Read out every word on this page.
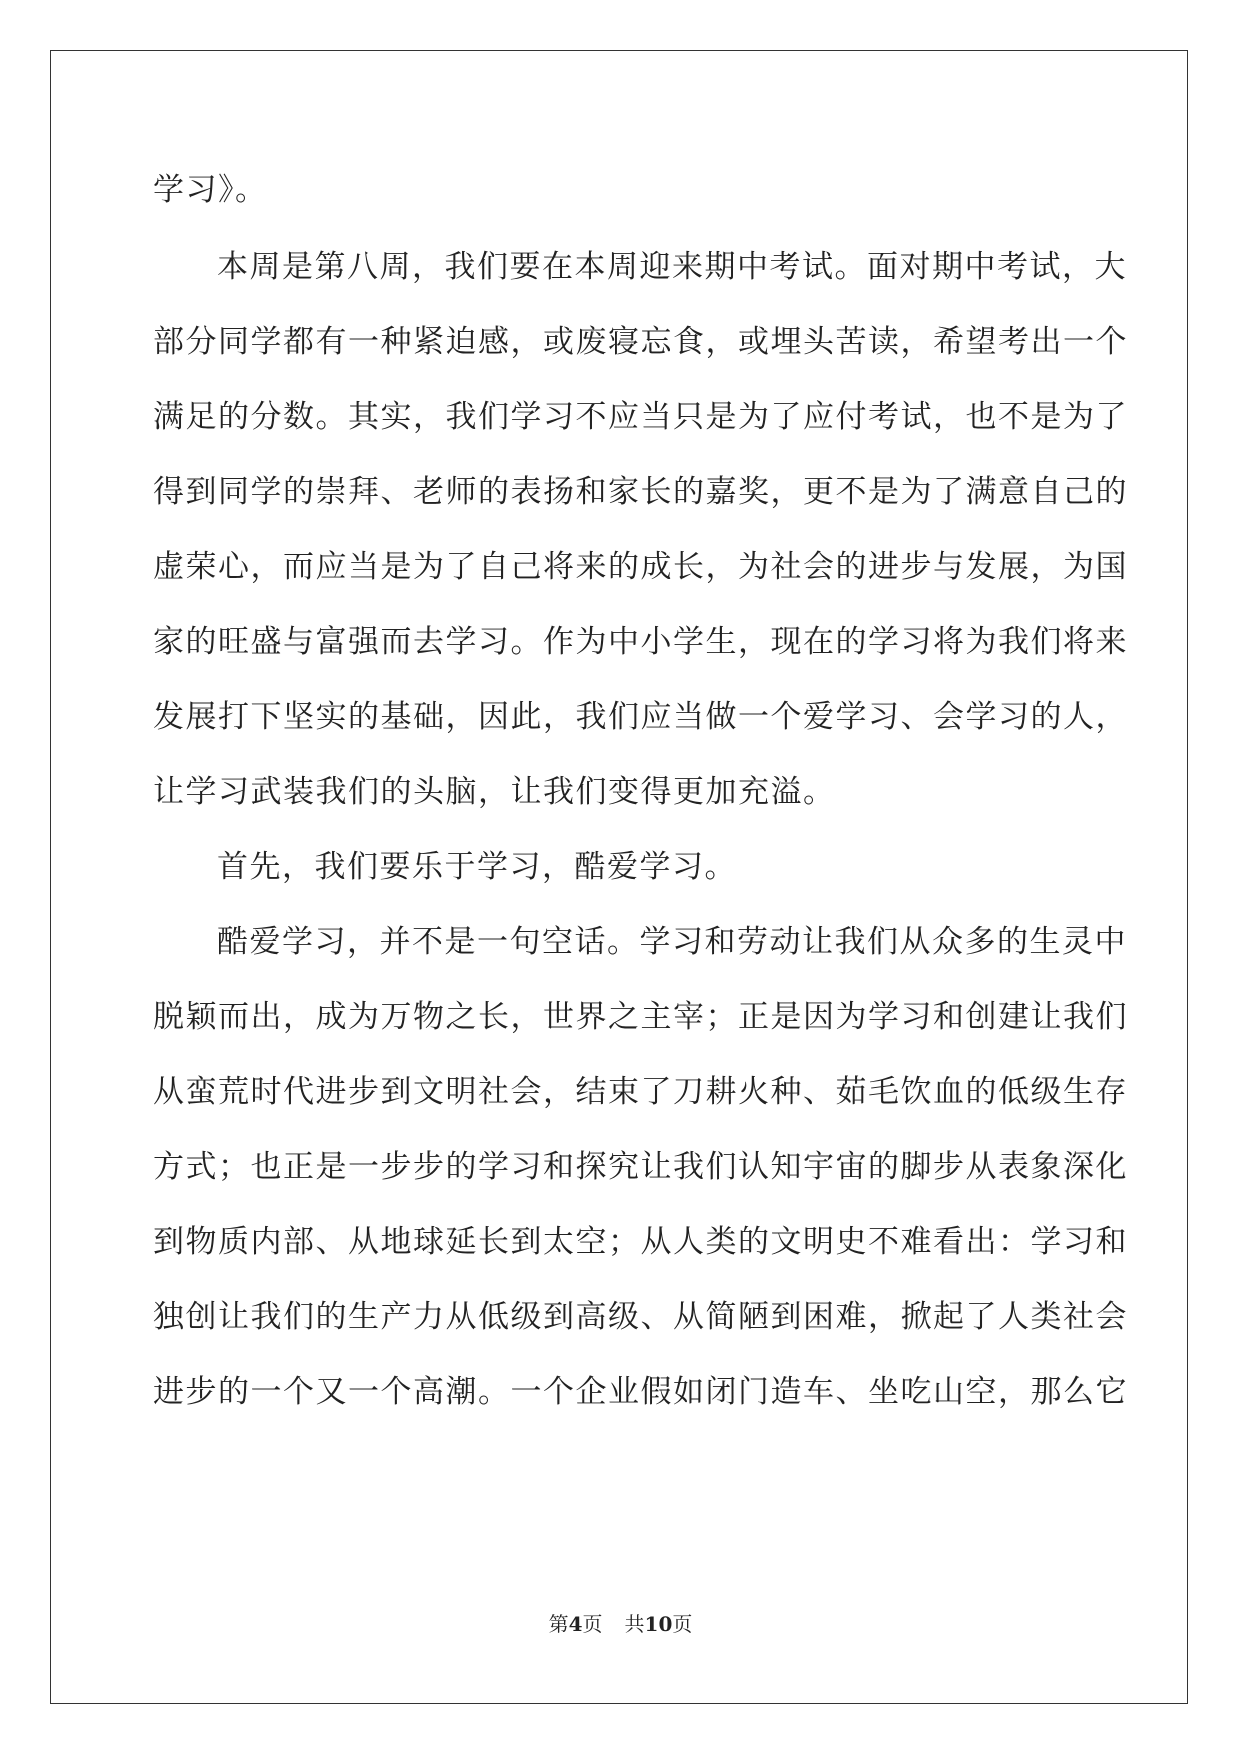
学习》。
本周是第八周，我们要在本周迎来期中考试。面对期中考试，大
部分同学都有一种紧迫感，或废寝忘食，或埋头苦读，希望考出一个
满足的分数。其实，我们学习不应当只是为了应付考试，也不是为了
得到同学的崇拜、老师的表扬和家长的嘉奖，更不是为了满意自己的
虚荣心，而应当是为了自己将来的成长，为社会的进步与发展，为国
家的旺盛与富强而去学习。作为中小学生，现在的学习将为我们将来
发展打下坚实的基础，因此，我们应当做一个爱学习、会学习的人，
让学习武装我们的头脑，让我们变得更加充溢。
首先，我们要乐于学习，酷爱学习。
酷爱学习，并不是一句空话。学习和劳动让我们从众多的生灵中
脱颖而出，成为万物之长，世界之主宰；正是因为学习和创建让我们
从蛮荒时代进步到文明社会，结束了刀耕火种、茹毛饮血的低级生存
方式；也正是一步步的学习和探究让我们认知宇宙的脚步从表象深化
到物质内部、从地球延长到太空；从人类的文明史不难看出：学习和
独创让我们的生产力从低级到高级、从简陋到困难，掀起了人类社会
进步的一个又一个高潮。一个企业假如闭门造车、坐吃山空，那么它
第4页 共10页
